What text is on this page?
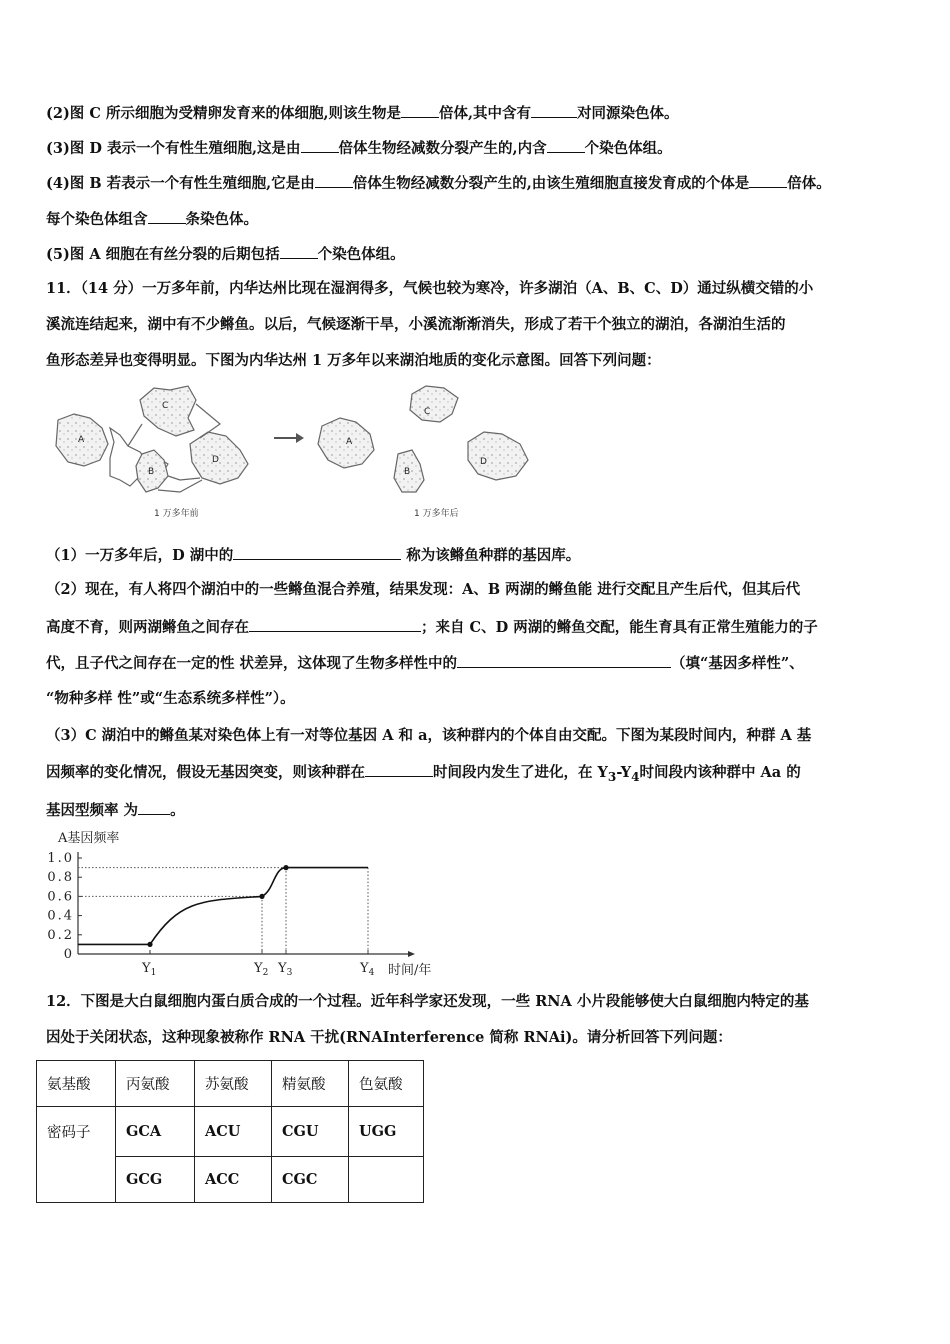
(2)图 C 所示细胞为受精卵发育来的体细胞,则该生物是	倍体,其中含有	对同源染色体。
(3)图 D 表示一个有性生殖细胞,这是由	倍体生物经减数分裂产生的,内含	个染色体组。
(4)图 B 若表示一个有性生殖细胞,它是由	倍体生物经减数分裂产生的,由该生殖细胞直接发育成的个体是	倍体。
每个染色体组含	条染色体。
(5)图 A 细胞在有丝分裂的后期包括	个染色体组。
11．（14 分）一万多年前，内华达州比现在湿润得多，气候也较为寒冷，许多湖泊（A、B、C、D）通过纵横交错的小
溪流连结起来，湖中有不少鳉鱼。以后，气候逐渐干旱，小溪流渐渐消失，形成了若干个独立的湖泊，各湖泊生活的
鱼形态差异也变得明显。下图为内华达州 1 万多年以来湖泊地质的变化示意图。回答下列问题：
A
B
C
D
A
B
C
D
1 万多年前	1 万多年后
（1）一万多年后，D 湖中的	称为该鳉鱼种群的基因库。
（2）现在，有人将四个湖泊中的一些鳉鱼混合养殖，结果发现：A、B 两湖的鳉鱼能 进行交配且产生后代，但其后代
高度不育，则两湖鳉鱼之间存在	；来自 C、D 两湖的鳉鱼交配，能生育具有正常生殖能力的子
代，且子代之间存在一定的性 状差异，这体现了生物多样性中的	（填“基因多样性”、
“物种多样 性”或“生态系统多样性”）。
（3）C 湖泊中的鳉鱼某对染色体上有一对等位基因 A 和 a，该种群内的个体自由交配。下图为某段时间内，种群 A 基
因频率的变化情况，假设无基因突变，则该种群在	时间段内发生了进化，在 $Y_3-Y_4$时间段内该种群中 Aa 的
基因型频率 为 。
A基因频率
1.0
0.8
0.6
0.4
0.2
0
$Y_1$	$Y_2$ $Y_3$	$Y_4$ 时间/年
12．下图是大白鼠细胞内蛋白质合成的一个过程。近年科学家还发现，一些 RNA 小片段能够使大白鼠细胞内特定的基
因处于关闭状态，这种现象被称作 RNA 干扰(RNAInterference 简称 RNAi)。请分析回答下列问题：
氨基酸	丙氨酸	苏氨酸	精氨酸	色氨酸
密码子	GCA	ACU	CGU	UGG
	GCG	ACC	CGC	
